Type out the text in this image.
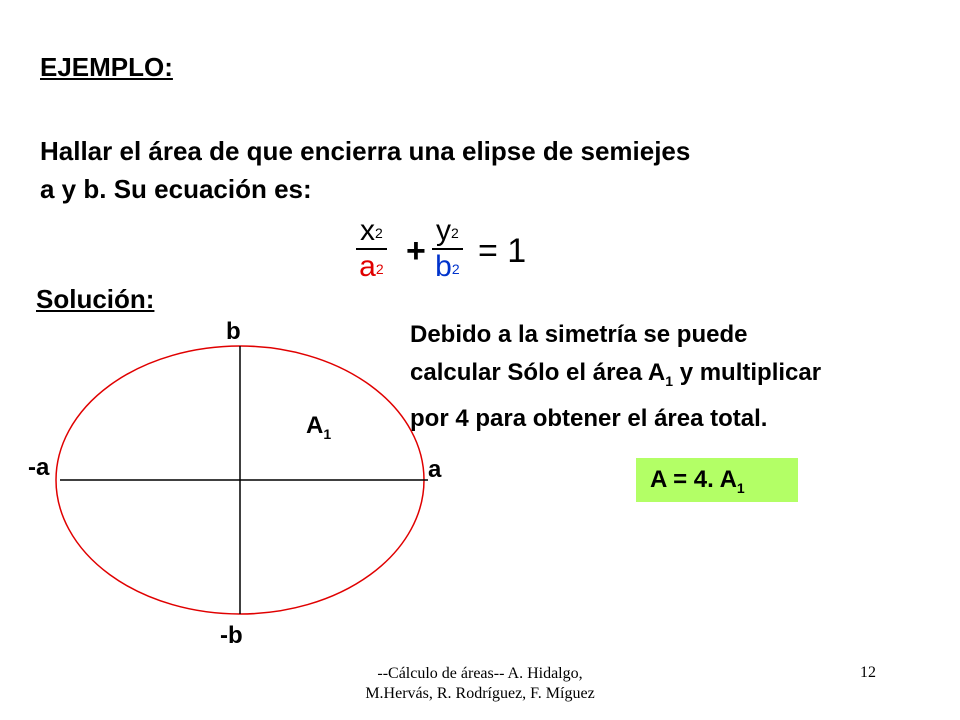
EJEMPLO:
Hallar el área de que encierra una elipse de semiejes
a y b. Su ecuación es:
$\frac{x^2}{a^2} + \frac{y^2}{b^2} = 1$
Solución:
b
-b
a
-a
$A_1$
Debido a la simetría se puede
calcular Sólo el área $A_1$ y multiplicar
por 4 para obtener el área total.
A = 4. $A_1$
--Cálculo de áreas-- A. Hidalgo,
M.Hervás, R. Rodríguez, F. Míguez
12
